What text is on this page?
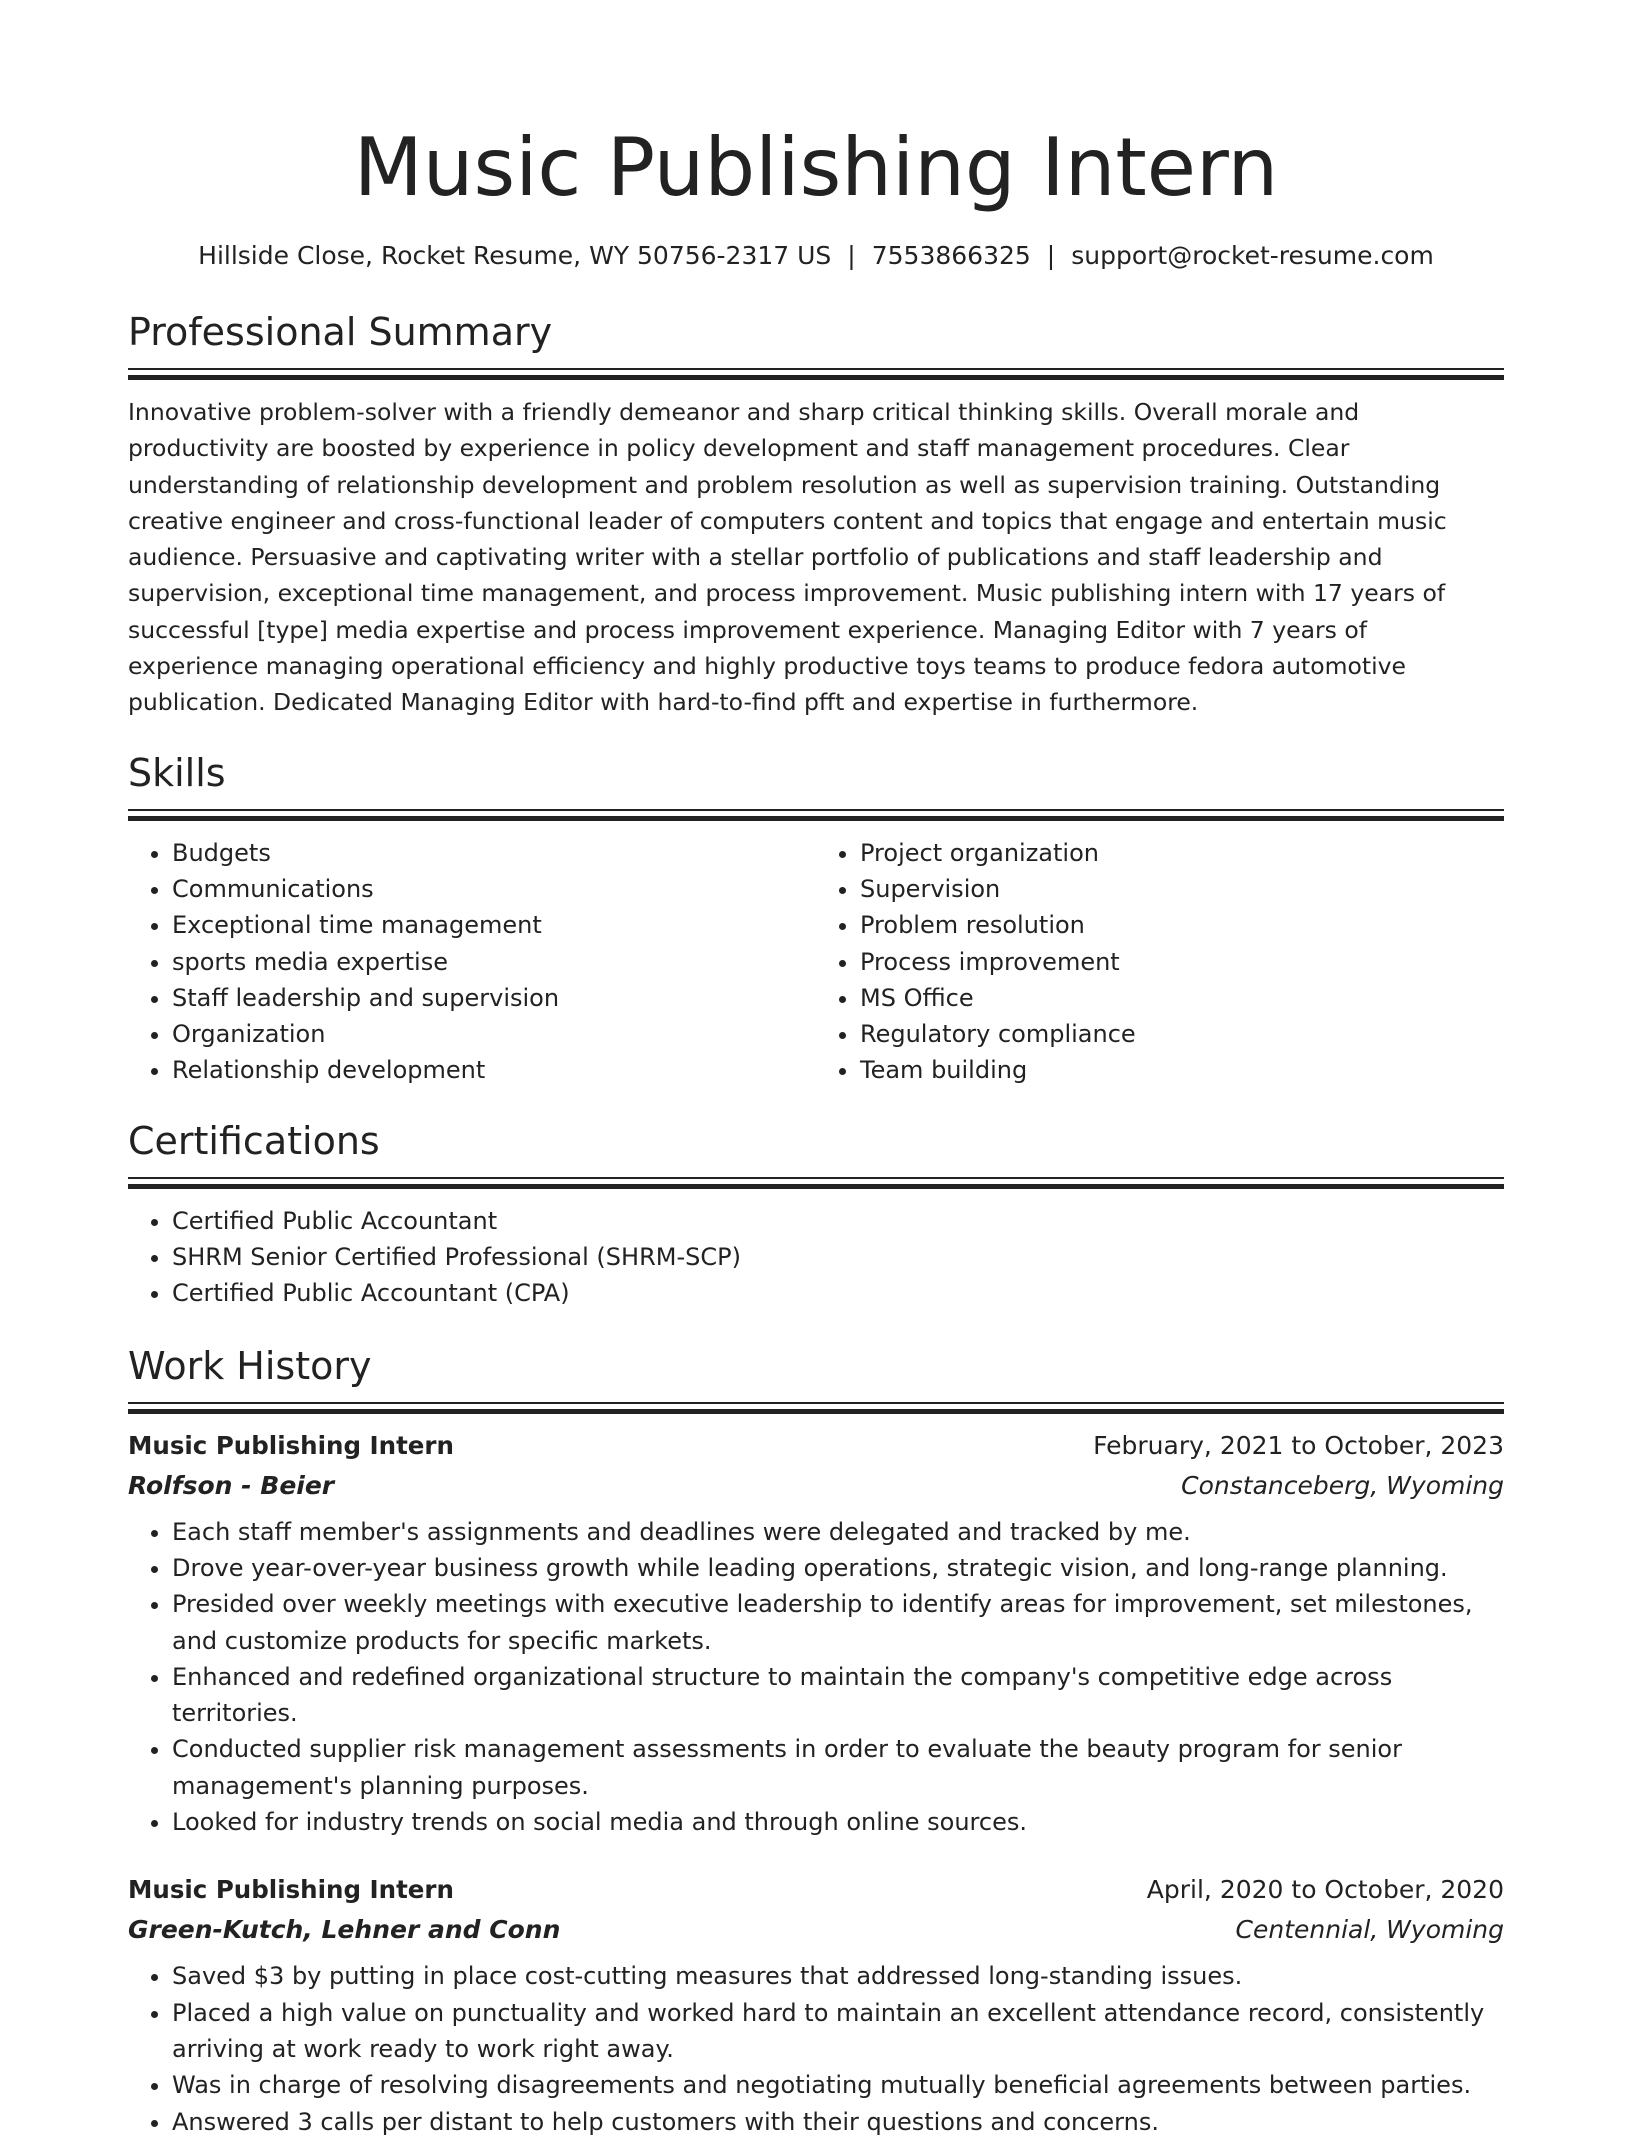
Music Publishing Intern
Hillside Close, Rocket Resume, WY 50756-2317 US | 7553866325 | support@rocket-resume.com
Professional Summary

Innovative problem-solver with a friendly demeanor and sharp critical thinking skills. Overall morale and productivity are boosted by experience in policy development and staff management procedures. Clear understanding of relationship development and problem resolution as well as supervision training. Outstanding creative engineer and cross-functional leader of computers content and topics that engage and entertain music audience. Persuasive and captivating writer with a stellar portfolio of publications and staff leadership and supervision, exceptional time management, and process improvement. Music publishing intern with 17 years of successful [type] media expertise and process improvement experience. Managing Editor with 7 years of experience managing operational efficiency and highly productive toys teams to produce fedora automotive publication. Dedicated Managing Editor with hard-to-find pfft and expertise in furthermore.

Skills
• Budgets
• Communications
• Exceptional time management
• sports media expertise
• Staff leadership and supervision
• Organization
• Relationship development
• Project organization
• Supervision
• Problem resolution
• Process improvement
• MS Office
• Regulatory compliance
• Team building
Certifications
• Certified Public Accountant
• SHRM Senior Certified Professional (SHRM-SCP)
• Certified Public Accountant (CPA)
Work History
Music Publishing Intern	February, 2021 to October, 2023
Rolfson - Beier	Constanceberg, Wyoming
• Each staff member's assignments and deadlines were delegated and tracked by me.
• Drove year-over-year business growth while leading operations, strategic vision, and long-range planning.
• Presided over weekly meetings with executive leadership to identify areas for improvement, set milestones, and customize products for specific markets.
• Enhanced and redefined organizational structure to maintain the company's competitive edge across territories.
• Conducted supplier risk management assessments in order to evaluate the beauty program for senior management's planning purposes.
• Looked for industry trends on social media and through online sources.
Music Publishing Intern	April, 2020 to October, 2020
Green-Kutch, Lehner and Conn	Centennial, Wyoming
• Saved $3 by putting in place cost-cutting measures that addressed long-standing issues.
• Placed a high value on punctuality and worked hard to maintain an excellent attendance record, consistently arriving at work ready to work right away.
• Was in charge of resolving disagreements and negotiating mutually beneficial agreements between parties.
• Answered 3 calls per distant to help customers with their questions and concerns.
